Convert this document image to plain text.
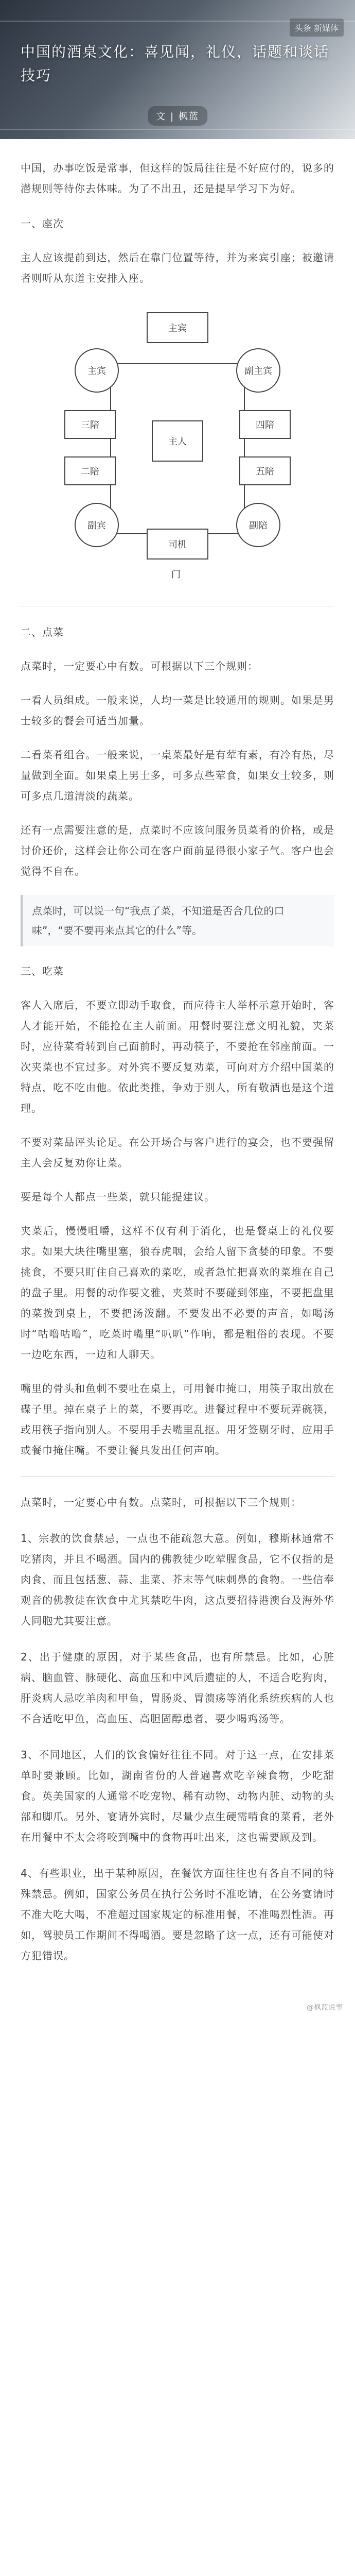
头条 新媒体
中国的酒桌文化：喜见闻，礼仪，话题和谈话技巧
文 | 枫蓝
中国，办事吃饭是常事，但这样的饭局往往是不好应付的，说多的潜规则等待你去体味。为了不出丑，还是提早学习下为好。
一、座次
主人应该提前到达，然后在靠门位置等待，并为来宾引座；被邀请者则听从东道主安排入座。
主宾
主宾	副主宾
三陪	四陪
主人
二陪	五陪
副宾
司机
副陪
门
二、点菜
点菜时，一定要心中有数。可根据以下三个规则：
一看人员组成。一般来说，人均一菜是比较通用的规则。如果是男士较多的餐会可适当加量。
二看菜肴组合。一般来说，一桌菜最好是有荤有素，有冷有热，尽量做到全面。如果桌上男士多，可多点些荤食，如果女士较多，则可多点几道清淡的蔬菜。
还有一点需要注意的是，点菜时不应该问服务员菜肴的价格，或是讨价还价，这样会让你公司在客户面前显得很小家子气。客户也会觉得不自在。
点菜时，可以说一句“我点了菜，不知道是否合几位的口味”，“要不要再来点其它的什么”等。
三、吃菜
客人入席后，不要立即动手取食，而应待主人举杯示意开始时，客人才能开始，不能抢在主人前面。用餐时要注意文明礼貌，夹菜时，应待菜肴转到自己面前时，再动筷子，不要抢在邻座前面。一次夹菜也不宜过多。对外宾不要反复劝菜，可向对方介绍中国菜的特点，吃不吃由他。依此类推，争劝于别人，所有敬酒也是这个道理。
不要对菜品评头论足。在公开场合与客户进行的宴会，也不要强留主人会反复劝你让菜。
要是每个人都点一些菜，就只能提建议。
夹菜后，慢慢咀嚼，这样不仅有利于消化，也是餐桌上的礼仪要求。如果大块往嘴里塞，狼吞虎咽，会给人留下贪婪的印象。不要挑食，不要只盯住自己喜欢的菜吃，或者急忙把喜欢的菜堆在自己的盘子里。用餐的动作要文雅，夹菜时不要碰到邻座，不要把盘里的菜拨到桌上，不要把汤泼翻。不要发出不必要的声音，如喝汤时“咕噜咕噜”，吃菜时嘴里“叭叭”作响，都是粗俗的表现。不要一边吃东西，一边和人聊天。
嘴里的骨头和鱼刺不要吐在桌上，可用餐巾掩口，用筷子取出放在碟子里。掉在桌子上的菜，不要再吃。进餐过程中不要玩弄碗筷，或用筷子指向别人。不要用手去嘴里乱抠。用牙签剔牙时，应用手或餐巾掩住嘴。不要让餐具发出任何声响。
点菜时，一定要心中有数。点菜时，可根据以下三个规则：
1、宗教的饮食禁忌，一点也不能疏忽大意。例如，穆斯林通常不吃猪肉，并且不喝酒。国内的佛教徒少吃荤腥食品，它不仅指的是肉食，而且包括葱、蒜、韭菜、芥末等气味刺鼻的食物。一些信奉观音的佛教徒在饮食中尤其禁吃牛肉，这点要招待港澳台及海外华人同胞尤其要注意。
2、出于健康的原因，对于某些食品，也有所禁忌。比如，心脏病、脑血管、脉硬化、高血压和中风后遗症的人，不适合吃狗肉，肝炎病人忌吃羊肉和甲鱼，胃肠炎、胃溃疡等消化系统疾病的人也不合适吃甲鱼，高血压、高胆固醇患者，要少喝鸡汤等。
3、不同地区，人们的饮食偏好往往不同。对于这一点，在安排菜单时要兼顾。比如，湖南省份的人普遍喜欢吃辛辣食物，少吃甜食。英美国家的人通常不吃宠物、稀有动物、动物内脏、动物的头部和脚爪。另外，宴请外宾时，尽量少点生硬需啃食的菜肴，老外在用餐中不太会将咬到嘴中的食物再吐出来，这也需要顾及到。
4、有些职业，出于某种原因，在餐饮方面往往也有各自不同的特殊禁忌。例如，国家公务员在执行公务时不准吃请，在公务宴请时不准大吃大喝，不准超过国家规定的标准用餐，不准喝烈性酒。再如，驾驶员工作期间不得喝酒。要是忽略了这一点，还有可能使对方犯错误。
@枫蓝说事
